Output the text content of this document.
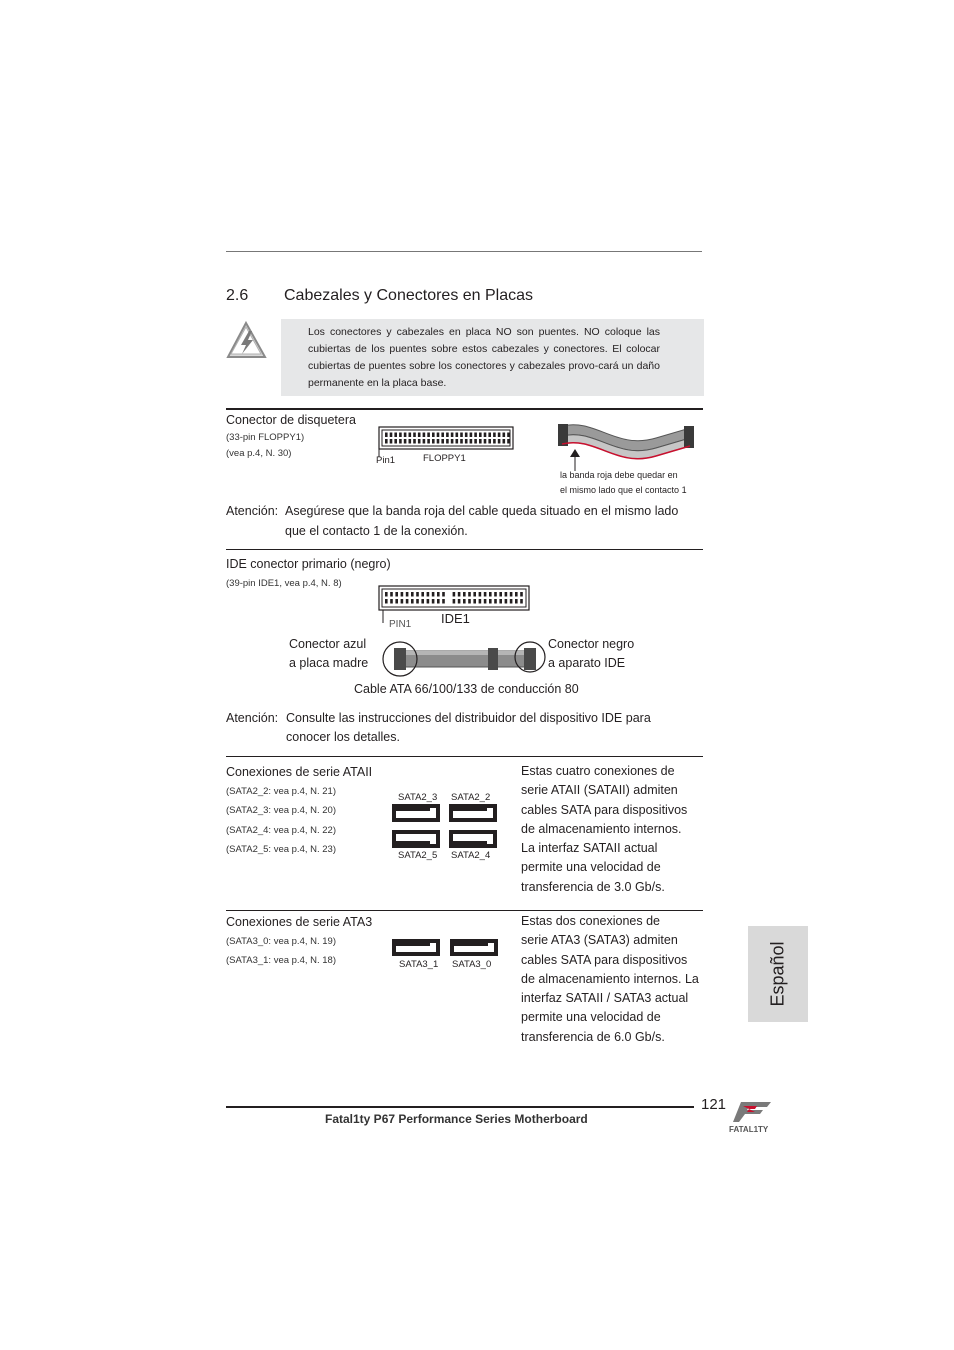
2.6 Cabezales y Conectores en Placas
Los conectores y cabezales en placa NO son puentes. NO coloque las cubiertas de los puentes sobre estos cabezales y conectores. El colocar cubiertas de puentes sobre los conectores y cabezales provo-cará un daño permanente en la placa base.
Conector de disquetera
(33-pin FLOPPY1)
(vea p.4, N. 30)
Pin1	FLOPPY1
la banda roja debe quedar en
el mismo lado que el contacto 1
Atención: Asegúrese que la banda roja del cable queda situado en el mismo lado
que el contacto 1 de la conexión.
IDE conector primario (negro)
(39-pin IDE1, vea p.4, N. 8)
PIN1 IDE1
Conector azul
a placa madre
Conector negro
a aparato IDE
Cable ATA 66/100/133 de conducción 80
Atención: Consulte las instrucciones del distribuidor del dispositivo IDE para
conocer los detalles.
Conexiones de serie ATAII
(SATA2_2: vea p.4, N. 21)
(SATA2_3: vea p.4, N. 20)
(SATA2_4: vea p.4, N. 22)
(SATA2_5: vea p.4, N. 23)
SATA2_3 SATA2_2
SATA2_5 SATA2_4
Estas cuatro conexiones de
serie ATAII (SATAII) admiten
cables SATA para dispositivos
de almacenamiento internos.
La interfaz SATAII actual
permite una velocidad de
transferencia de 3.0 Gb/s.
Conexiones de serie ATA3
(SATA3_0: vea p.4, N. 19)
(SATA3_1: vea p.4, N. 18)	SATA3_1 SATA3_0
Estas dos conexiones de
serie ATA3 (SATA3) admiten
cables SATA para dispositivos
de almacenamiento internos. La
interfaz SATAII / SATA3 actual
permite una velocidad de
transferencia de 6.0 Gb/s.
Español
121
Fatal1ty P67 Performance Series Motherboard
FATAL1TY
